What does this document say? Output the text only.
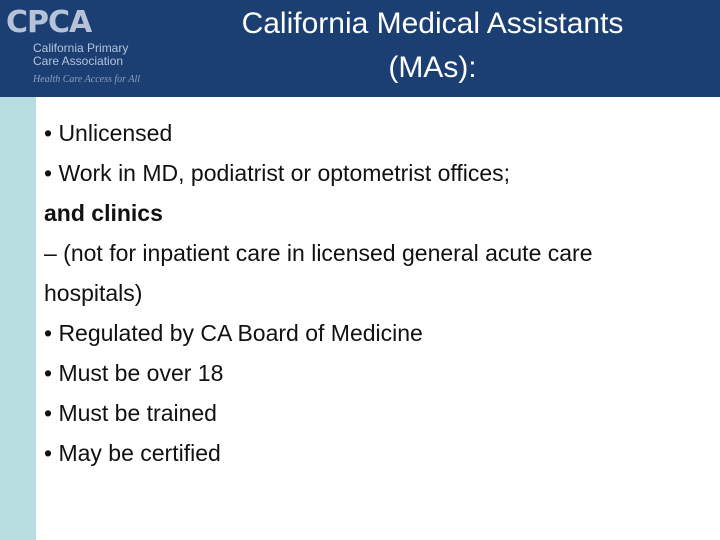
CPCA
California Primary
Care Association
Health Care Access for All
California Medical Assistants
(MAs):
• Unlicensed
• Work in MD, podiatrist or optometrist offices;
and clinics
– (not for inpatient care in licensed general acute care
hospitals)
• Regulated by CA Board of Medicine
• Must be over 18
• Must be trained
• May be certified
